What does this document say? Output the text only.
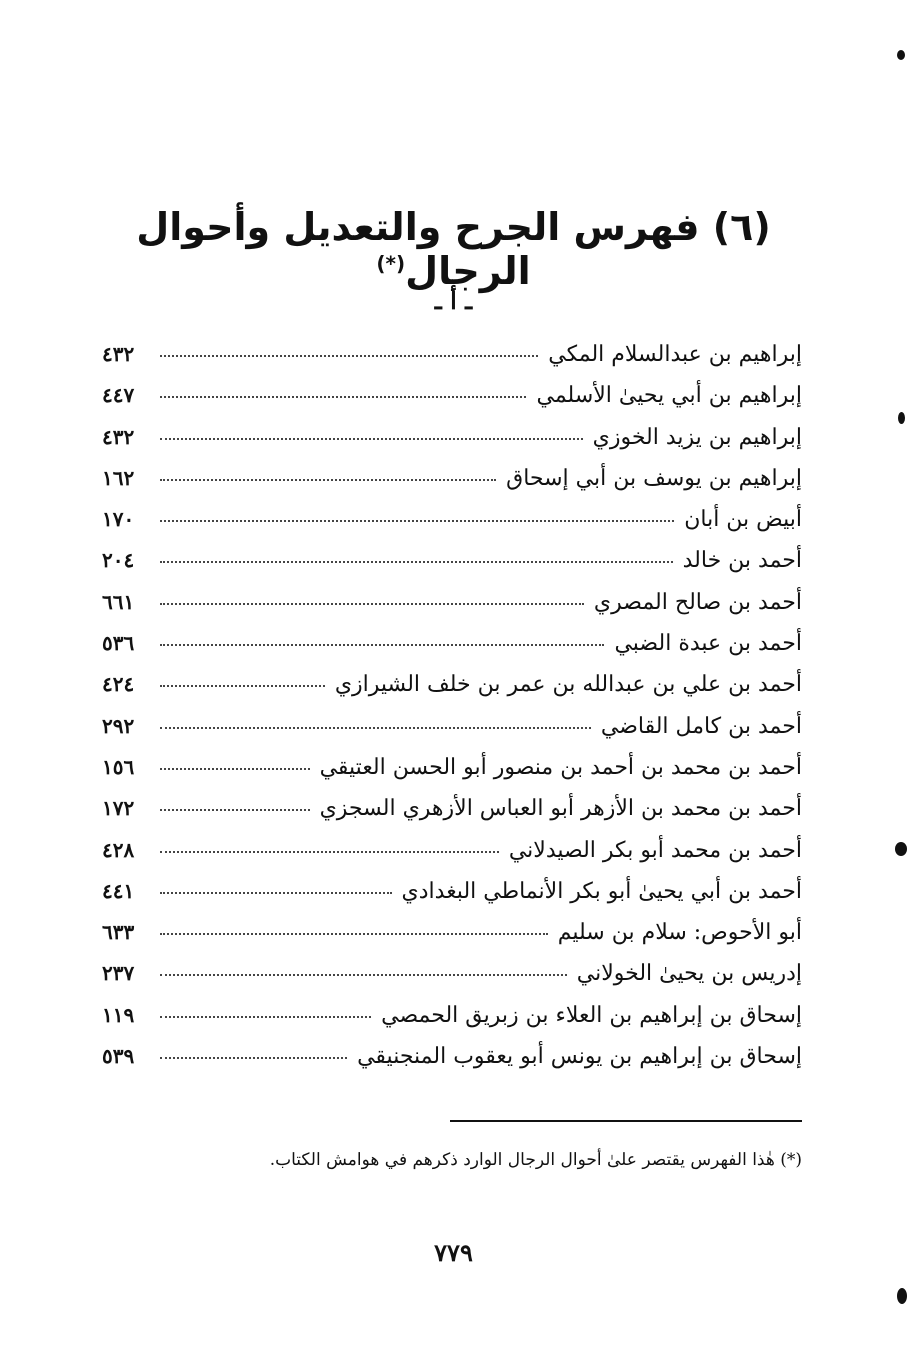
(٦) فهرس الجرح والتعديل وأحوال الرجال(*)
ـ أ ـ
إبراهيم بن عبدالسلام المكي
٤٣٢
إبراهيم بن أبي يحيىٰ الأسلمي
٤٤٧
إبراهيم بن يزيد الخوزي
٤٣٢
إبراهيم بن يوسف بن أبي إسحاق
١٦٢
أبيض بن أبان
١٧٠
أحمد بن خالد
٢٠٤
أحمد بن صالح المصري
٦٦١
أحمد بن عبدة الضبي
٥٣٦
أحمد بن علي بن عبدالله بن عمر بن خلف الشيرازي
٤٢٤
أحمد بن كامل القاضي
٢٩٢
أحمد بن محمد بن أحمد بن منصور أبو الحسن العتيقي
١٥٦
أحمد بن محمد بن الأزهر أبو العباس الأزهري السجزي
١٧٢
أحمد بن محمد أبو بكر الصيدلاني
٤٢٨
أحمد بن أبي يحيىٰ أبو بكر الأنماطي البغدادي
٤٤١
أبو الأحوص: سلام بن سليم
٦٣٣
إدريس بن يحيىٰ الخولاني
٢٣٧
إسحاق بن إبراهيم بن العلاء بن زبريق الحمصي
١١٩
إسحاق بن إبراهيم بن يونس أبو يعقوب المنجنيقي
٥٣٩
(*) هٰذا الفهرس يقتصر علىٰ أحوال الرجال الوارد ذكرهم في هوامش الكتاب.
٧٧٩
